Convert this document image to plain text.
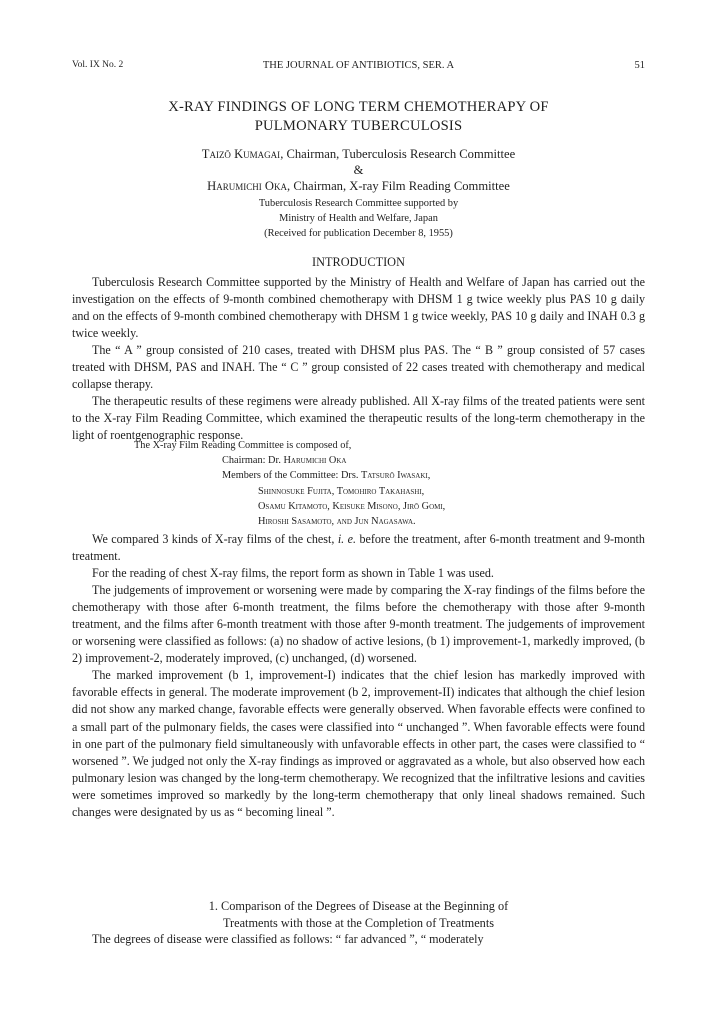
Vol. IX No. 2	THE JOURNAL OF ANTIBIOTICS, SER. A	51
X-RAY FINDINGS OF LONG TERM CHEMOTHERAPY OF
PULMONARY TUBERCULOSIS
Taizō Kumagai, Chairman, Tuberculosis Research Committee
&
Harumichi Oka, Chairman, X-ray Film Reading Committee
Tuberculosis Research Committee supported by
Ministry of Health and Welfare, Japan
(Received for publication December 8, 1955)
INTRODUCTION

Tuberculosis Research Committee supported by the Ministry of Health and Welfare of Japan has carried out the investigation on the effects of 9-month combined chemotherapy with DHSM 1 g twice weekly plus PAS 10 g daily and on the effects of 9-month combined chemotherapy with DHSM 1 g twice weekly, PAS 10 g daily and INAH 0.3 g twice weekly.

The “ A ” group consisted of 210 cases, treated with DHSM plus PAS. The “ B ” group consisted of 57 cases treated with DHSM, PAS and INAH. The “ C ” group consisted of 22 cases treated with chemotherapy and medical collapse therapy.

The therapeutic results of these regimens were already published. All X-ray films of the treated patients were sent to the X-ray Film Reading Committee, which examined the therapeutic results of the long-term chemotherapy in the light of roentgenographic response.

The X-ray Film Reading Committee is composed of,
Chairman: Dr. Harumichi Oka
Members of the Committee: Drs. Tatsurō Iwasaki,
Shinnosuke Fujita, Tomohiro Takahashi,
Osamu Kitamoto, Keisuke Misono, Jirō Gomi,
Hiroshi Sasamoto, and Jun Nagasawa.

We compared 3 kinds of X-ray films of the chest, i. e. before the treatment, after 6-month treatment and 9-month treatment.

For the reading of chest X-ray films, the report form as shown in Table 1 was used.

The judgements of improvement or worsening were made by comparing the X-ray findings of the films before the chemotherapy with those after 6-month treatment, the films before the chemotherapy with those after 9-month treatment, and the films after 6-month treatment with those after 9-month treatment. The judgements of improvement or worsening were classified as follows: (a) no shadow of active lesions, (b 1) improvement-1, markedly improved, (b 2) improvement-2, moderately improved, (c) unchanged, (d) worsened.

The marked improvement (b 1, improvement-I) indicates that the chief lesion has markedly improved with favorable effects in general. The moderate improvement (b 2, improvement-II) indicates that although the chief lesion did not show any marked change, favorable effects were generally observed. When favorable effects were confined to a small part of the pulmonary fields, the cases were classified into “ unchanged ”. When favorable effects were found in one part of the pulmonary field simultaneously with unfavorable effects in other part, the cases were classified to “ worsened ”. We judged not only the X-ray findings as improved or aggravated as a whole, but also observed how each pulmonary lesion was changed by the long-term chemotherapy. We recognized that the infiltrative lesions and cavities were sometimes improved so markedly by the long-term chemotherapy that only lineal shadows remained. Such changes were designated by us as “ becoming lineal ”.

1. Comparison of the Degrees of Disease at the Beginning of
Treatments with those at the Completion of Treatments

The degrees of disease were classified as follows: “ far advanced ”, “ moderately
